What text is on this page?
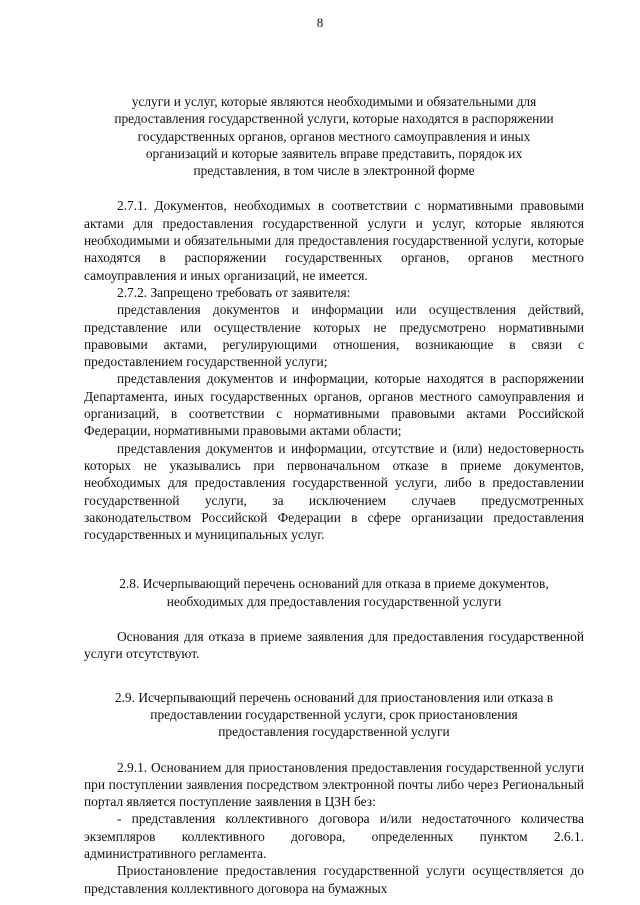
8
услуги и услуг, которые являются необходимыми и обязательными для
предоставления государственной услуги, которые находятся в распоряжении
государственных органов, органов местного самоуправления и иных
организаций и которые заявитель вправе представить, порядок их
представления, в том числе в электронной форме

2.7.1. Документов, необходимых в соответствии с нормативными правовыми актами для предоставления государственной услуги и услуг, которые являются необходимыми и обязательными для предоставления государственной услуги, которые находятся в распоряжении государственных органов, органов местного самоуправления и иных организаций, не имеется.

2.7.2. Запрещено требовать от заявителя:

представления документов и информации или осуществления действий, представление или осуществление которых не предусмотрено нормативными правовыми актами, регулирующими отношения, возникающие в связи с предоставлением государственной услуги;

представления документов и информации, которые находятся в распоряжении Департамента, иных государственных органов, органов местного самоуправления и организаций, в соответствии с нормативными правовыми актами Российской Федерации, нормативными правовыми актами области;

представления документов и информации, отсутствие и (или) недостоверность которых не указывались при первоначальном отказе в приеме документов, необходимых для предоставления государственной услуги, либо в предоставлении государственной услуги, за исключением случаев предусмотренных законодательством Российской Федерации в сфере организации предоставления государственных и муниципальных услуг.

2.8. Исчерпывающий перечень оснований для отказа в приеме документов,
необходимых для предоставления государственной услуги

Основания для отказа в приеме заявления для предоставления государственной услуги отсутствуют.

2.9. Исчерпывающий перечень оснований для приостановления или отказа в
предоставлении государственной услуги, срок приостановления
предоставления государственной услуги

2.9.1. Основанием для приостановления предоставления государственной услуги при поступлении заявления посредством электронной почты либо через Региональный портал является поступление заявления в ЦЗН без:

- представления коллективного договора и/или недостаточного количества экземпляров коллективного договора, определенных пунктом 2.6.1. административного регламента.

Приостановление предоставления государственной услуги осуществляется до представления коллективного договора на бумажных
